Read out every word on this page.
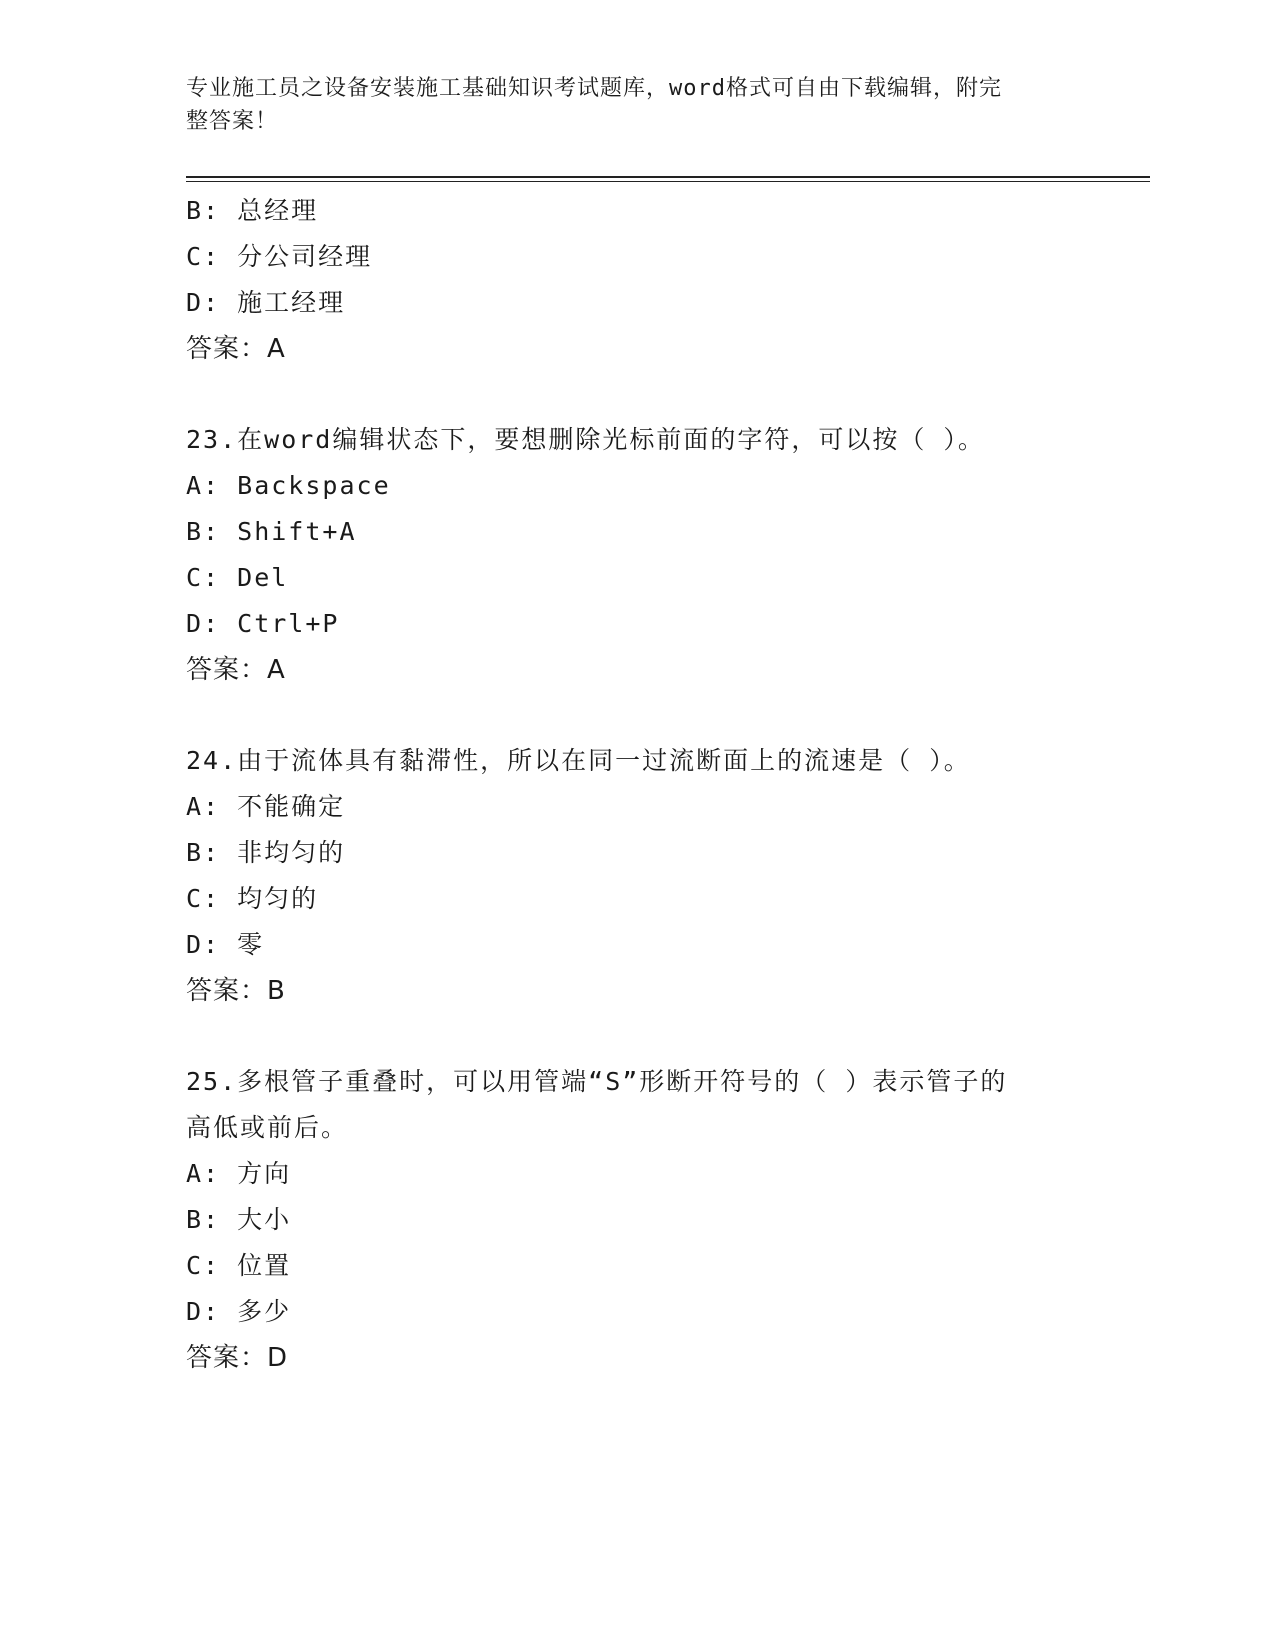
专业施工员之设备安装施工基础知识考试题库，word格式可自由下载编辑，附完
整答案！
B: 总经理
C: 分公司经理
D: 施工经理
答案：A
23.在word编辑状态下，要想删除光标前面的字符，可以按（ ）。
A: Backspace
B: Shift+A
C: Del
D: Ctrl+P
答案：A
24.由于流体具有黏滞性，所以在同一过流断面上的流速是（ ）。
A: 不能确定
B: 非均匀的
C: 均匀的
D: 零
答案：B
25.多根管子重叠时，可以用管端“S”形断开符号的（ ）表示管子的
高低或前后。
A: 方向
B: 大小
C: 位置
D: 多少
答案：D
